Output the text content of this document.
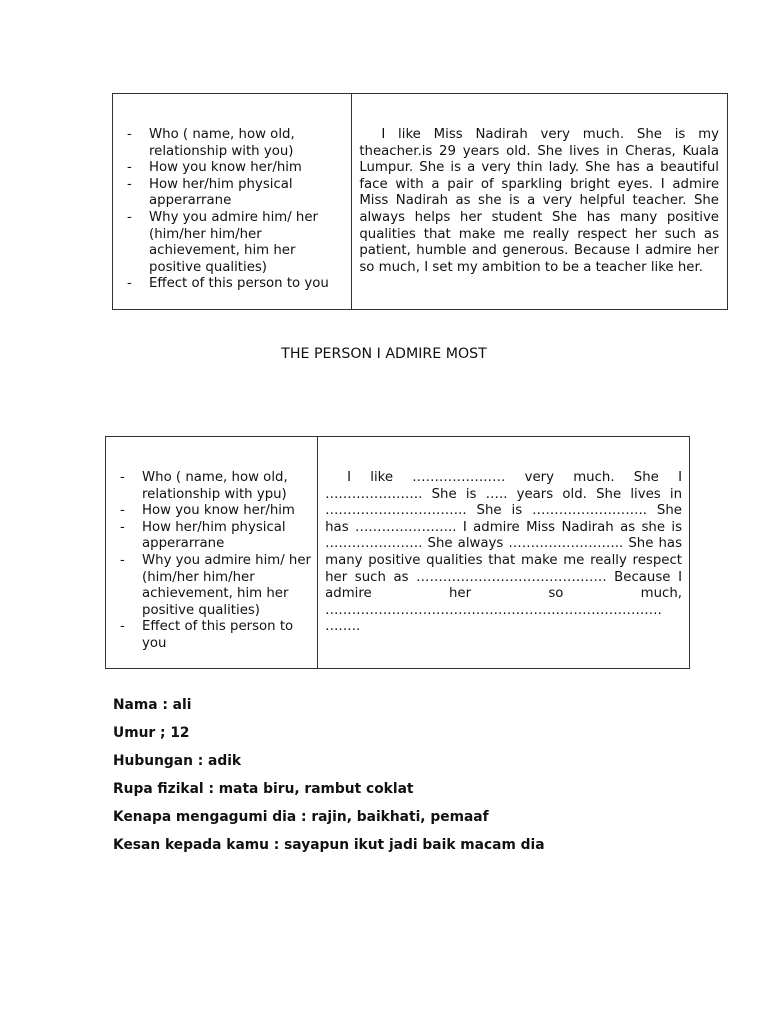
- Who ( name, how old, relationship with you)
- How you know her/him
- How her/him physical apperarrane
- Why you admire him/ her (him/her him/her achievement, him her positive qualities)
- Effect of this person to you

I like Miss Nadirah very much. She is my theacher.is 29 years old. She lives in Cheras, Kuala Lumpur. She is a very thin lady. She has a beautiful face with a pair of sparkling bright eyes. I admire Miss Nadirah as she is a very helpful teacher. She always helps her student She has many positive qualities that make me really respect her such as patient, humble and generous. Because I admire her so much, I set my ambition to be a teacher like her.

THE PERSON I ADMIRE MOST
- Who ( name, how old, relationship with ypu)
- How you know her/him
- How her/him physical apperarrane
- Why you admire him/ her (him/her him/her achievement, him her positive qualities)
- Effect of this person to you

I like ………………… very much. She I …………………. She is ….. years old. She lives in ………………………….. She is …………………….. She has ………………….. I admire Miss Nadirah as she is …………………. She always …………………….. She has many positive qualities that make me really respect her such as ……………………………………. Because I admire her so much, …………………………………………………………………. ……..

Nama : ali
Umur ; 12
Hubungan : adik
Rupa fizikal : mata biru, rambut coklat
Kenapa mengagumi dia : rajin, baikhati, pemaaf
Kesan kepada kamu : sayapun ikut jadi baik macam dia
